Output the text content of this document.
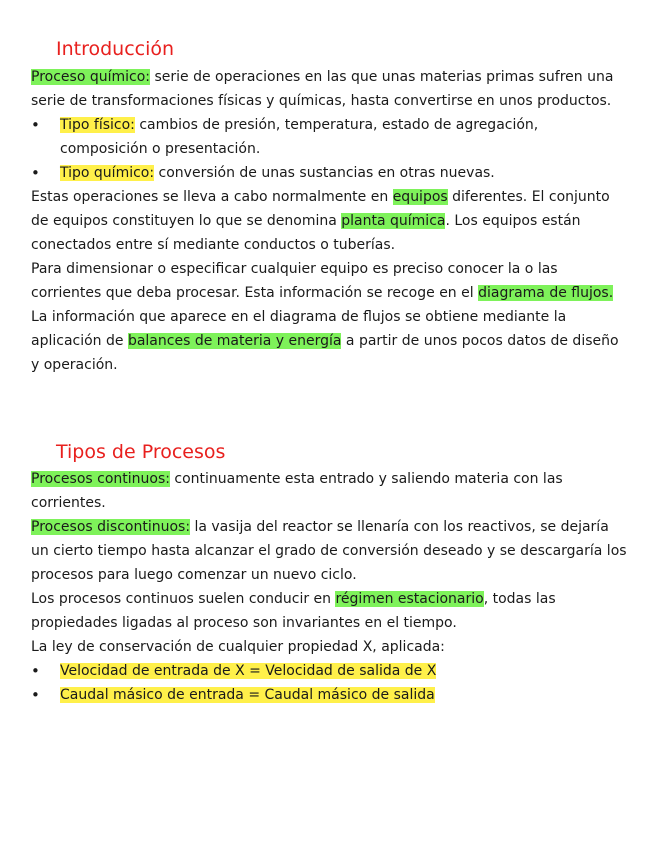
Introducción

Proceso químico: serie de operaciones en las que unas materias primas sufren una serie de transformaciones físicas y químicas, hasta convertirse en unos productos.

• Tipo físico: cambios de presión, temperatura, estado de agregación, composición o presentación.
• Tipo químico: conversión de unas sustancias en otras nuevas.

Estas operaciones se lleva a cabo normalmente en equipos diferentes. El conjunto de equipos constituyen lo que se denomina planta química. Los equipos están conectados entre sí mediante conductos o tuberías.

Para dimensionar o especificar cualquier equipo es preciso conocer la o las corrientes que deba procesar. Esta información se recoge en el diagrama de flujos.

La información que aparece en el diagrama de flujos se obtiene mediante la aplicación de balances de materia y energía a partir de unos pocos datos de diseño y operación.

Tipos de Procesos

Procesos continuos: continuamente esta entrado y saliendo materia con las corrientes.

Procesos discontinuos: la vasija del reactor se llenaría con los reactivos, se dejaría un cierto tiempo hasta alcanzar el grado de conversión deseado y se descargaría los procesos para luego comenzar un nuevo ciclo.

Los procesos continuos suelen conducir en régimen estacionario, todas las propiedades ligadas al proceso son invariantes en el tiempo.

La ley de conservación de cualquier propiedad X, aplicada:

• Velocidad de entrada de X = Velocidad de salida de X
• Caudal másico de entrada = Caudal másico de salida
